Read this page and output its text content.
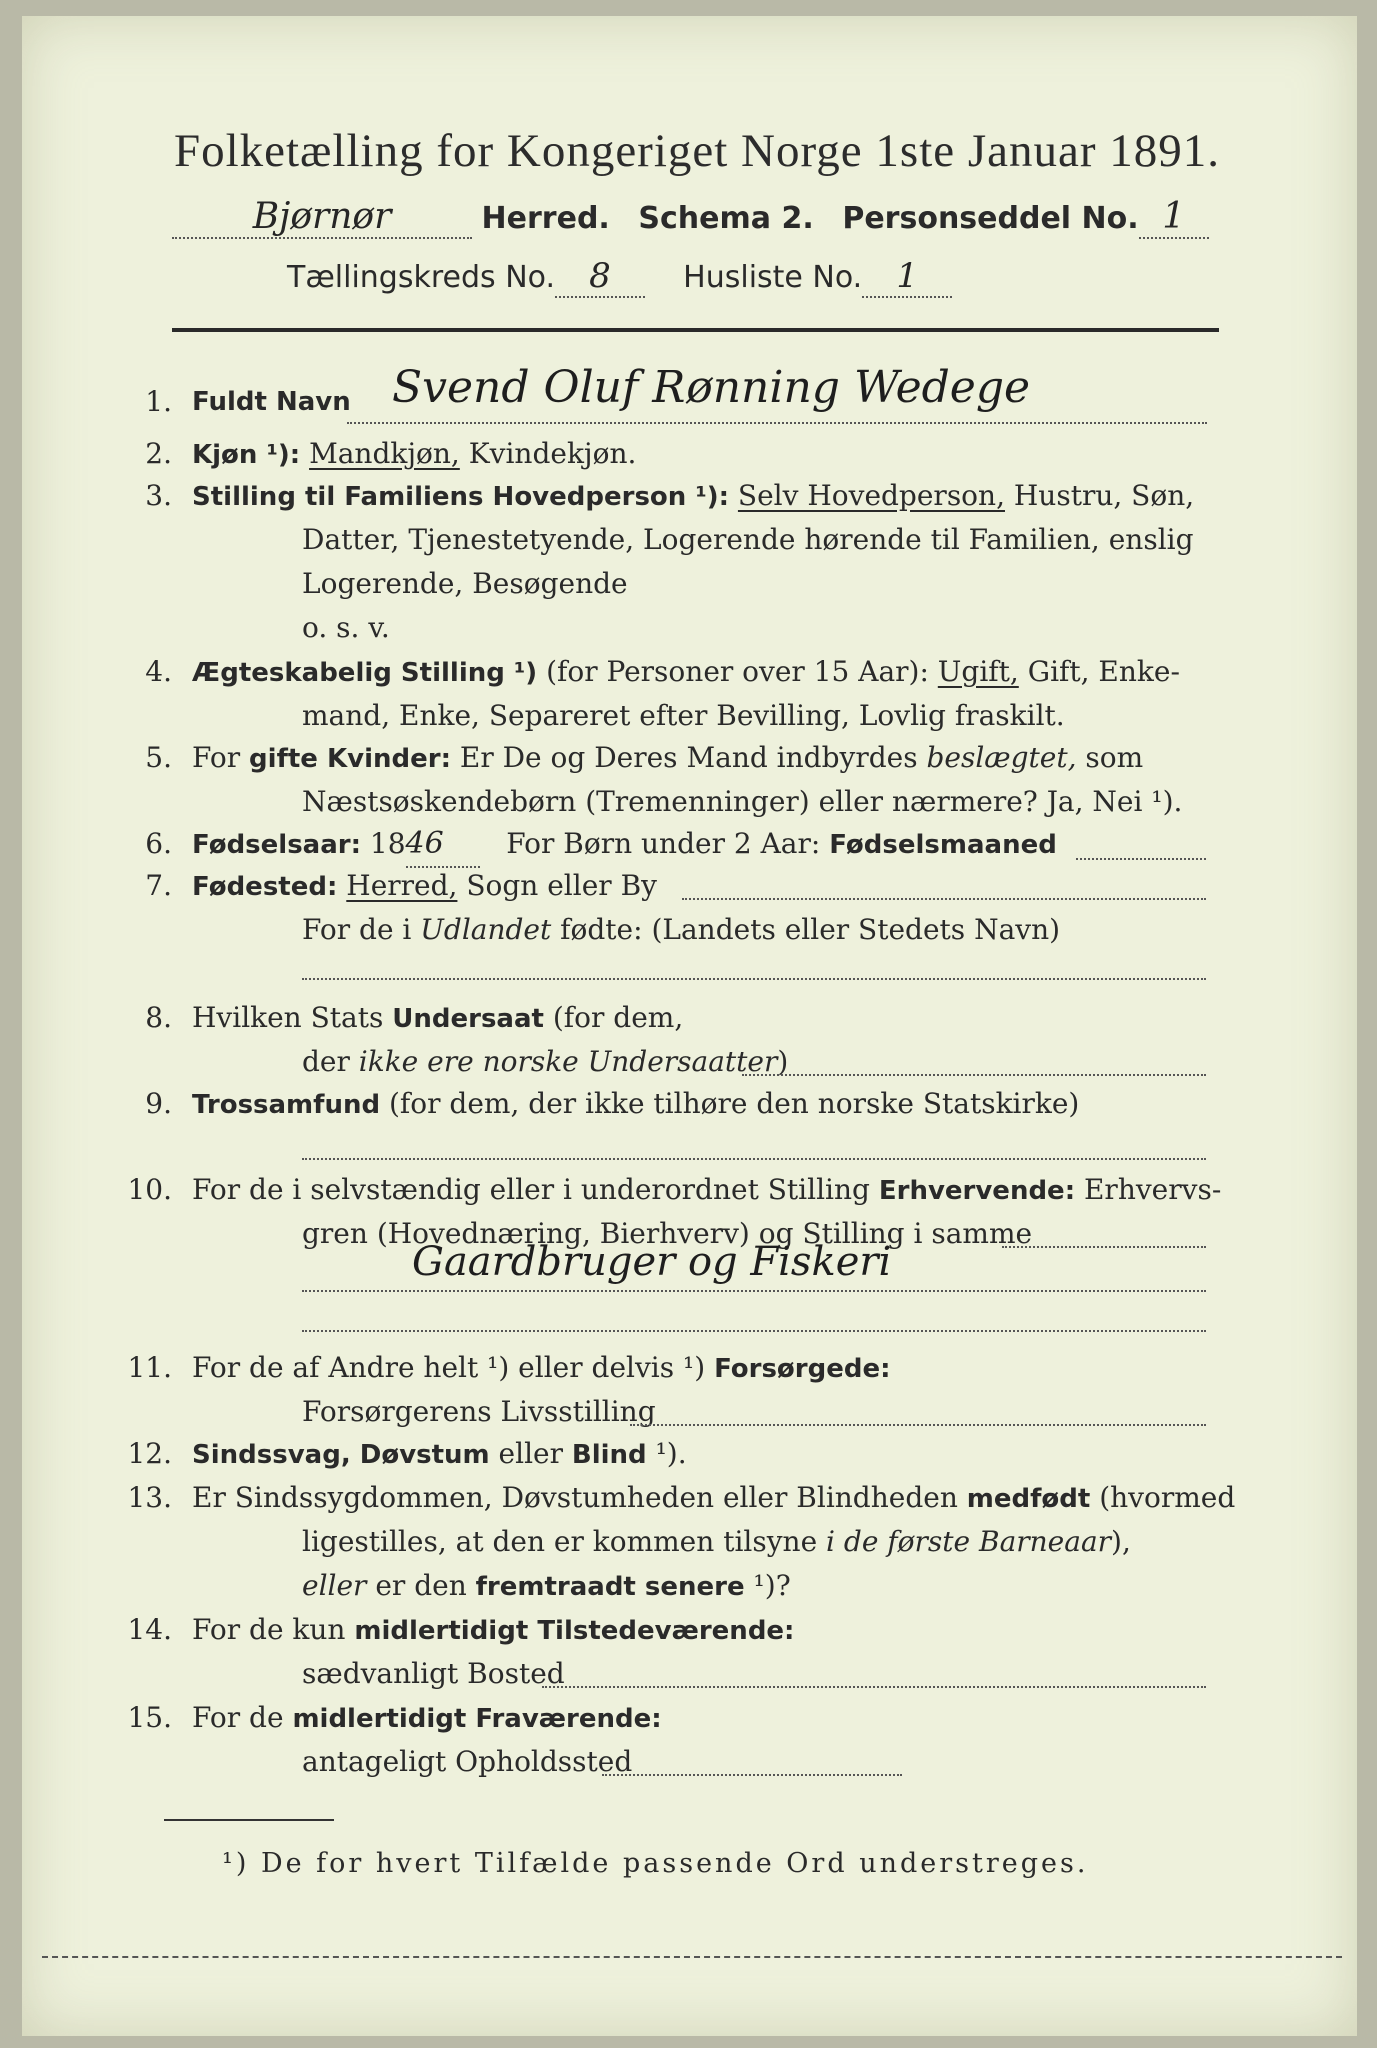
Folketælling for Kongeriget Norge 1ste Januar 1891.
Bjørnør	Herred. Schema 2. Personseddel No. 1
Tællingskreds No. 8 Husliste No. 1
1. Fuldt Navn Svend Oluf Rønning Wedege
2. Kjøn ¹): Mandkjøn, Kvindekjøn.
3. Stilling til Familiens Hovedperson ¹): Selv Hovedperson, Hustru, Søn,
Datter, Tjenestetyende, Logerende hørende til Familien, enslig
Logerende, Besøgende
o. s. v.
4. Ægteskabelig Stilling ¹) (for Personer over 15 Aar): Ugift, Gift, Enke-
mand, Enke, Separeret efter Bevilling, Lovlig fraskilt.
5. For gifte Kvinder: Er De og Deres Mand indbyrdes beslægtet, som
Næstsøskendebørn (Tremenninger) eller nærmere? Ja, Nei ¹).
6. Fødselsaar: 1846 For Børn under 2 Aar: Fødselsmaaned
7. Fødested: Herred, Sogn eller By
For de i Udlandet fødte: (Landets eller Stedets Navn)
8. Hvilken Stats Undersaat (for dem,
der ikke ere norske Undersaatter)
9. Trossamfund (for dem, der ikke tilhøre den norske Statskirke)
10. For de i selvstændig eller i underordnet Stilling Erhvervende: Erhvervs-
gren (Hovednæring, Bierhverv) og Stilling i samme
Gaardbruger og Fiskeri
11. For de af Andre helt ¹) eller delvis ¹) Forsørgede:
Forsørgerens Livsstilling
12. Sindssvag, Døvstum eller Blind ¹).
13. Er Sindssygdommen, Døvstumheden eller Blindheden medfødt (hvormed
ligestilles, at den er kommen tilsyne i de første Barneaar),
eller er den fremtraadt senere ¹)?
14. For de kun midlertidigt Tilstedeværende:
sædvanligt Bosted
15. For de midlertidigt Fraværende:
antageligt Opholdssted
¹) De for hvert Tilfælde passende Ord understreges.
